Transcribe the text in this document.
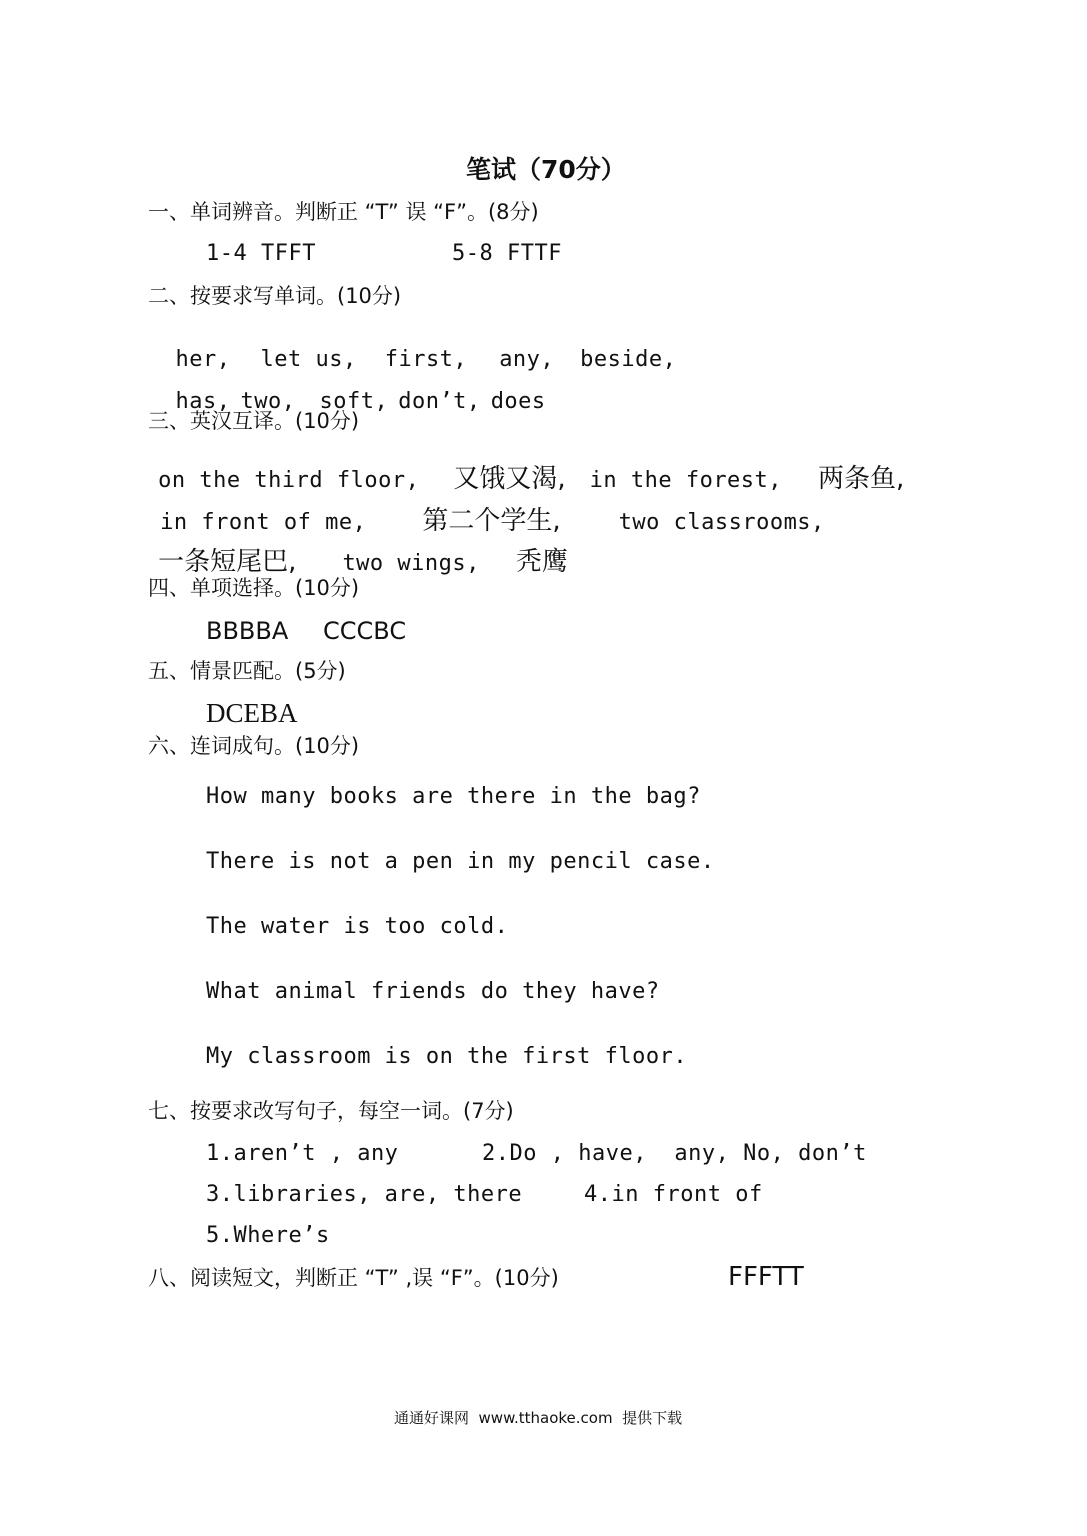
笔试（70分）
一、单词辨音。判断正 “T” 误 “F”。(8分)
1-4 TFFT	5-8 FTTF
二、按要求写单词。(10分)

her, let us, first, any, beside,

has, two, soft, don’t, does

三、英汉互译。(10分)

on the third floor, 又饿又渴, in the forest, 两条鱼,

in front of me, 第二个学生,	two classrooms,

一条短尾巴, two wings, 秃鹰

四、单项选择。(10分)
BBBBA CCCBC
五、情景匹配。(5分)
DCEBA
六、连词成句。(10分)
How many books are there in the bag?
There is not a pen in my pencil case.
The water is too cold.
What animal friends do they have?
My classroom is on the first floor.
七、按要求改写句子，每空一词。(7分)
1.aren’t , any	2.Do , have,  any, No, don’t
3.libraries, are, there	4.in front of
5.Where’s
八、阅读短文，判断正 “T” ,误 “F”。(10分)	FFFTT
通通好课网  www.tthaoke.com  提供下载
